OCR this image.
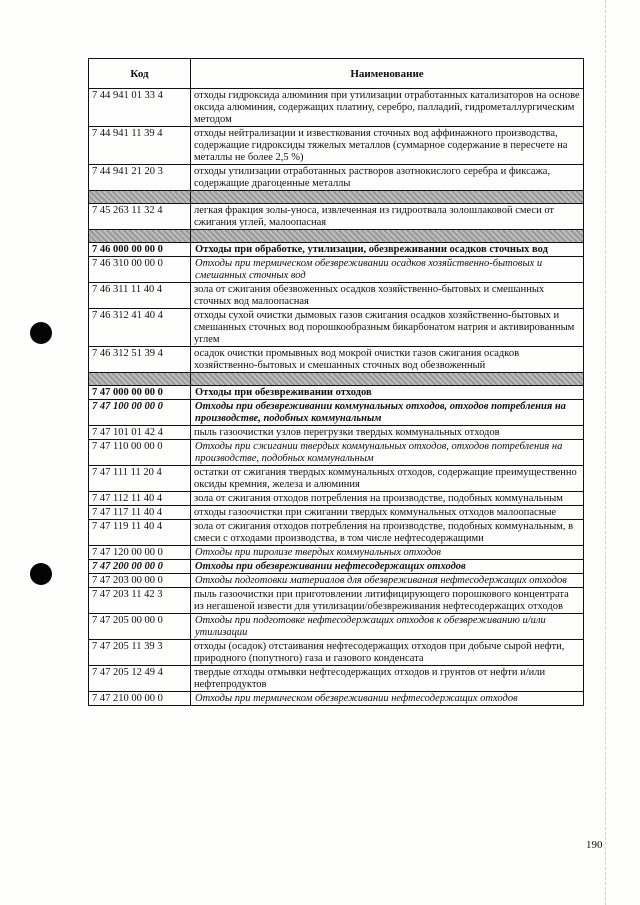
Код	Наименование
7 44 941 01 33 4	отходы гидроксида алюминия при утилизации отработанных катализаторов на основе оксида алюминия, содержащих платину, серебро, палладий, гидрометаллургическим методом
7 44 941 11 39 4	отходы нейтрализации и известкования сточных вод аффинажного производства, содержащие гидроксиды тяжелых металлов (суммарное содержание в пересчете на металлы не более 2,5 %)
7 44 941 21 20 3	отходы утилизации отработанных растворов азотнокислого серебра и фиксажа, содержащие драгоценные металлы

7 45 263 11 32 4	легкая фракция золы-уноса, извлеченная из гидроотвала золошлаковой смеси от сжигания углей, малоопасная

7 46 000 00 00 0	Отходы при обработке, утилизации, обезвреживании осадков сточных вод
7 46 310 00 00 0	Отходы при термическом обезвреживании осадков хозяйственно-бытовых и смешанных сточных вод
7 46 311 11 40 4	зола от сжигания обезвоженных осадков хозяйственно-бытовых и смешанных сточных вод малоопасная
7 46 312 41 40 4	отходы сухой очистки дымовых газов сжигания осадков хозяйственно-бытовых и смешанных сточных вод порошкообразным бикарбонатом натрия и активированным углем
7 46 312 51 39 4	осадок очистки промывных вод мокрой очистки газов сжигания осадков хозяйственно-бытовых и смешанных сточных вод обезвоженный

7 47 000 00 00 0	Отходы при обезвреживании отходов
7 47 100 00 00 0	Отходы при обезвреживании коммунальных отходов, отходов потребления на производстве, подобных коммунальным
7 47 101 01 42 4	пыль газоочистки узлов перегрузки твердых коммунальных отходов
7 47 110 00 00 0	Отходы при сжигании твердых коммунальных отходов, отходов потребления на производстве, подобных коммунальным
7 47 111 11 20 4	остатки от сжигания твердых коммунальных отходов, содержащие преимущественно оксиды кремния, железа и алюминия
7 47 112 11 40 4	зола от сжигания отходов потребления на производстве, подобных коммунальным
7 47 117 11 40 4	отходы газоочистки при сжигании твердых коммунальных отходов малоопасные
7 47 119 11 40 4	зола от сжигания отходов потребления на производстве, подобных коммунальным, в смеси с отходами производства, в том числе нефтесодержащими
7 47 120 00 00 0	Отходы при пиролизе твердых коммунальных отходов
7 47 200 00 00 0	Отходы при обезвреживании нефтесодержащих отходов
7 47 203 00 00 0	Отходы подготовки материалов для обезвреживания нефтесодержащих отходов
7 47 203 11 42 3	пыль газоочистки при приготовлении литифицирующего порошкового концентрата из негашеной извести для утилизации/обезвреживания нефтесодержащих отходов
7 47 205 00 00 0	Отходы при подготовке нефтесодержащих отходов к обезвреживанию и/или утилизации
7 47 205 11 39 3	отходы (осадок) отстаивания нефтесодержащих отходов при добыче сырой нефти, природного (попутного) газа и газового конденсата
7 47 205 12 49 4	твердые отходы отмывки нефтесодержащих отходов и грунтов от нефти и/или нефтепродуктов
7 47 210 00 00 0	Отходы при термическом обезвреживании нефтесодержащих отходов
190
